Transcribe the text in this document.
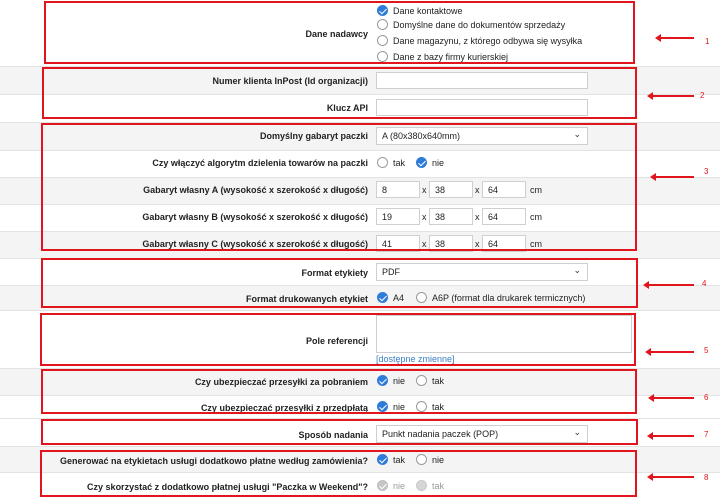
Dane nadawcy
Dane kontaktowe
Domyślne dane do dokumentów sprzedaży
Dane magazynu, z którego odbywa się wysyłka
Dane z bazy firmy kurierskiej
Numer klienta InPost (Id organizacji)
Klucz API
Domyślny gabaryt paczki	A (80x380x640mm)	⌄
Czy włączyć algorytm dzielenia towarów na paczki	tak	nie
Gabaryt własny A (wysokość x szerokość x długość)	8	x 38	x 64	cm
Gabaryt własny B (wysokość x szerokość x długość)	19	x 38	x 64	cm
Gabaryt własny C (wysokość x szerokość x długość)	41	x 38	x 64	cm
Format etykiety	PDF	⌄
Format drukowanych etykiet	A4	A6P (format dla drukarek termicznych)
Pole referencji
[dostępne zmienne]
Czy ubezpieczać przesyłki za pobraniem	nie	tak
Czy ubezpieczać przesyłki z przedpłatą	nie	tak
Sposób nadania	Punkt nadania paczek (POP)	⌄
Generować na etykietach usługi dodatkowo płatne według zamówienia?	tak	nie
Czy skorzystać z dodatkowo płatnej usługi "Paczka w Weekend"?	nie	tak
1
2
3
4
5
6
7
8
